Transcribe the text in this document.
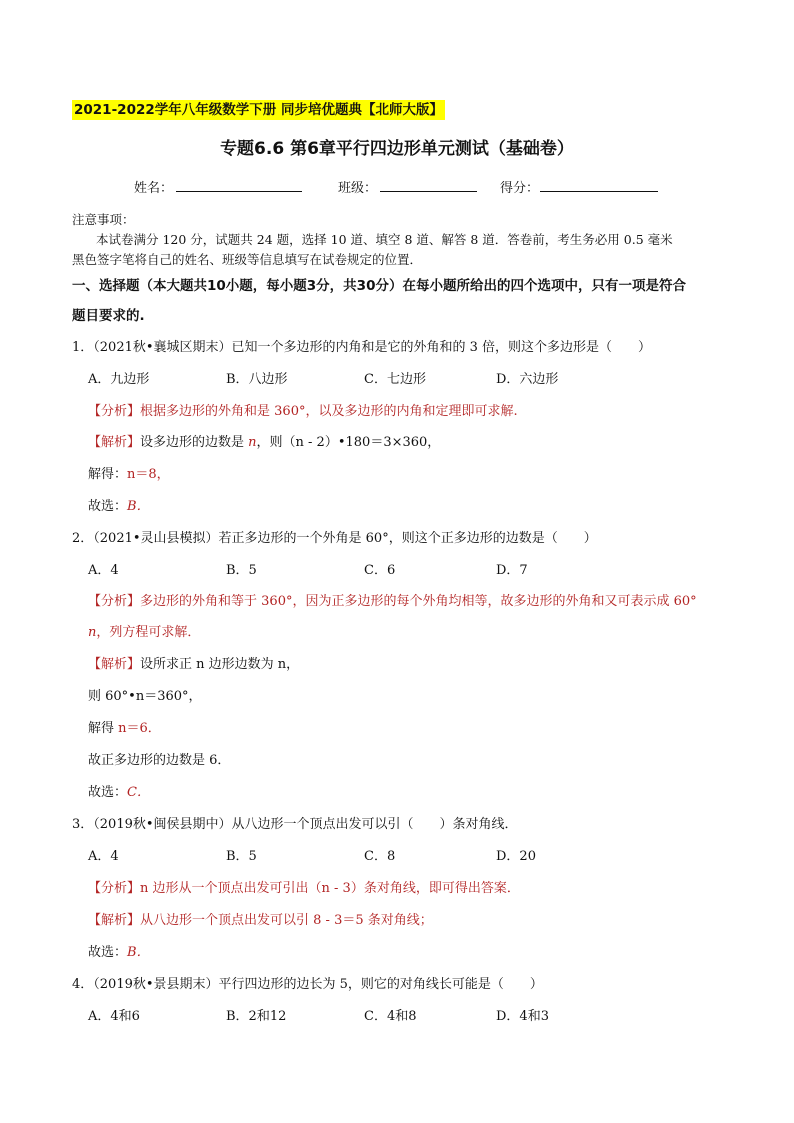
2021-2022学年八年级数学下册 同步培优题典【北师大版】
专题6.6 第6章平行四边形单元测试（基础卷）
姓名：	班级：	得分：
注意事项：
本试卷满分 120 分，试题共 24 题，选择 10 道、填空 8 道、解答 8 道．答卷前，考生务必用 0.5 毫米
黑色签字笔将自己的姓名、班级等信息填写在试卷规定的位置．
一、选择题（本大题共10小题，每小题3分，共30分）在每小题所给出的四个选项中，只有一项是符合
题目要求的.
1．（2021秋•襄城区期末）已知一个多边形的内角和是它的外角和的 3 倍，则这个多边形是（　　）
A．九边形	B．八边形	C．七边形	D．六边形
【分析】根据多边形的外角和是 360°，以及多边形的内角和定理即可求解.
【解析】设多边形的边数是 n，则（n - 2）•180＝3×360，
解得：n＝8，
故选：B．
2．（2021•灵山县模拟）若正多边形的一个外角是 60°，则这个正多边形的边数是（　　）
A．4	B．5	C．6	D．7
【分析】多边形的外角和等于 360°，因为正多边形的每个外角均相等，故多边形的外角和又可表示成 60°
n，列方程可求解．
【解析】设所求正 n 边形边数为 n，
则 60°•n＝360°，
解得 n＝6．
故正多边形的边数是 6．
故选：C．
3．（2019秋•闽侯县期中）从八边形一个顶点出发可以引（　　）条对角线．
A．4	B．5	C．8	D．20
【分析】n 边形从一个顶点出发可引出（n - 3）条对角线，即可得出答案．
【解析】从八边形一个顶点出发可以引 8 - 3＝5 条对角线；
故选：B．
4．（2019秋•景县期末）平行四边形的边长为 5，则它的对角线长可能是（　　）
A．4和6	B．2和12	C．4和8	D．4和3
